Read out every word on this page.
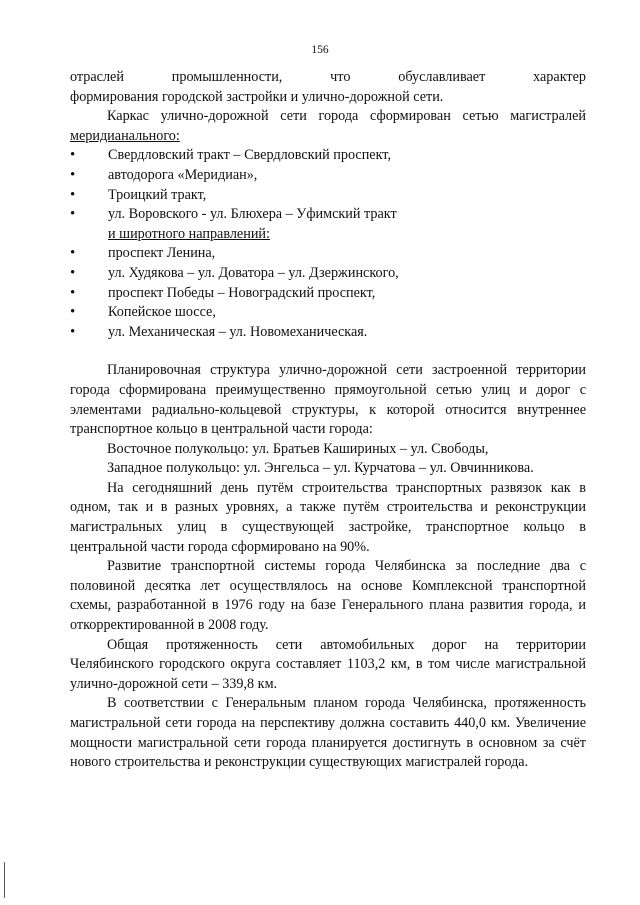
156

отраслей промышленности, что обуславливает характер

формирования городской застройки и улично-дорожной сети.

Каркас улично-дорожной сети города сформирован сетью магистралей

меридианального:

• Свердловский тракт – Свердловский проспект,
• автодорога «Меридиан»,
• Троицкий тракт,
• ул. Воровского - ул. Блюхера – Уфимский тракт

и широтного направлений:

• проспект Ленина,
• ул. Худякова – ул. Доватора – ул. Дзержинского,
• проспект Победы – Новоградский проспект,
• Копейское шоссе,
• ул. Механическая – ул. Новомеханическая.

Планировочная структура улично-дорожной сети застроенной территории города сформирована преимущественно прямоугольной сетью улиц и дорог с элементами радиально-кольцевой структуры, к которой относится внутреннее транспортное кольцо в центральной части города:

Восточное полукольцо: ул. Братьев Кашириных – ул. Свободы,

Западное полукольцо: ул. Энгельса – ул. Курчатова – ул. Овчинникова.

На сегодняшний день путём строительства транспортных развязок как в одном, так и в разных уровнях, а также путём строительства и реконструкции магистральных улиц в существующей застройке, транспортное кольцо в центральной части города сформировано на 90%.

Развитие транспортной системы города Челябинска за последние два с половиной десятка лет осуществлялось на основе Комплексной транспортной схемы, разработанной в 1976 году на базе Генерального плана развития города, и откорректированной в 2008 году.

Общая протяженность сети автомобильных дорог на территории Челябинского городского округа составляет 1103,2 км, в том числе магистральной улично-дорожной сети – 339,8 км.

В соответствии с Генеральным планом города Челябинска, протяженность магистральной сети города на перспективу должна составить 440,0 км. Увеличение мощности магистральной сети города планируется достигнуть в основном за счёт нового строительства и реконструкции существующих магистралей города.
